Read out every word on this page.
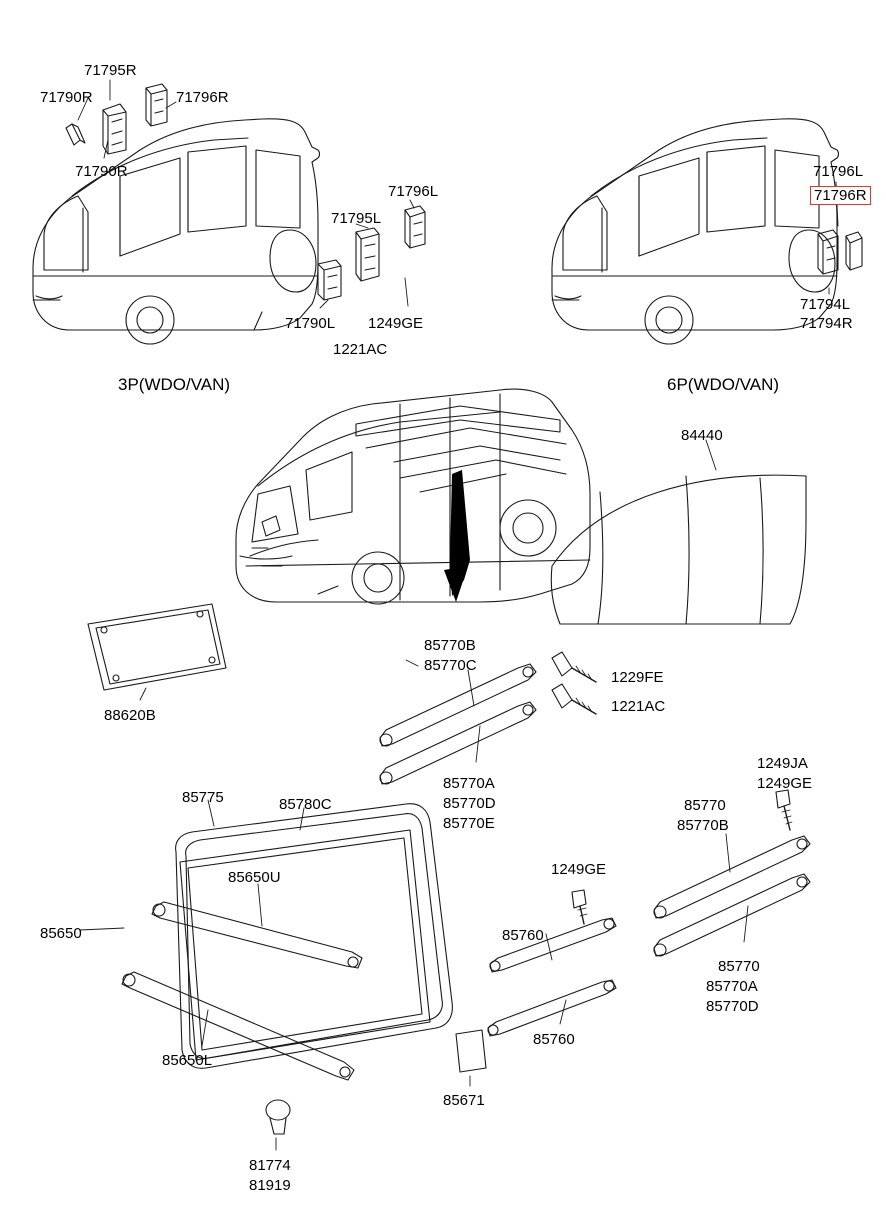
3P(WDO/VAN)	6P(WDO/VAN)
71795R
71790R	71796R
71790R
71796L
71795L
71790L 1249GE
1221AC
71796L
71794L
71794R
84440
88620B
85770B
85770C
1229FE
1221AC
85770A
85770D
85770E
1249JA
1249GE
85770
85770B
85770
85770A
85770D
85775	85780C
85650U
85650
85650L
81774
81919
1249GE
85760
85760
85671
71796R
